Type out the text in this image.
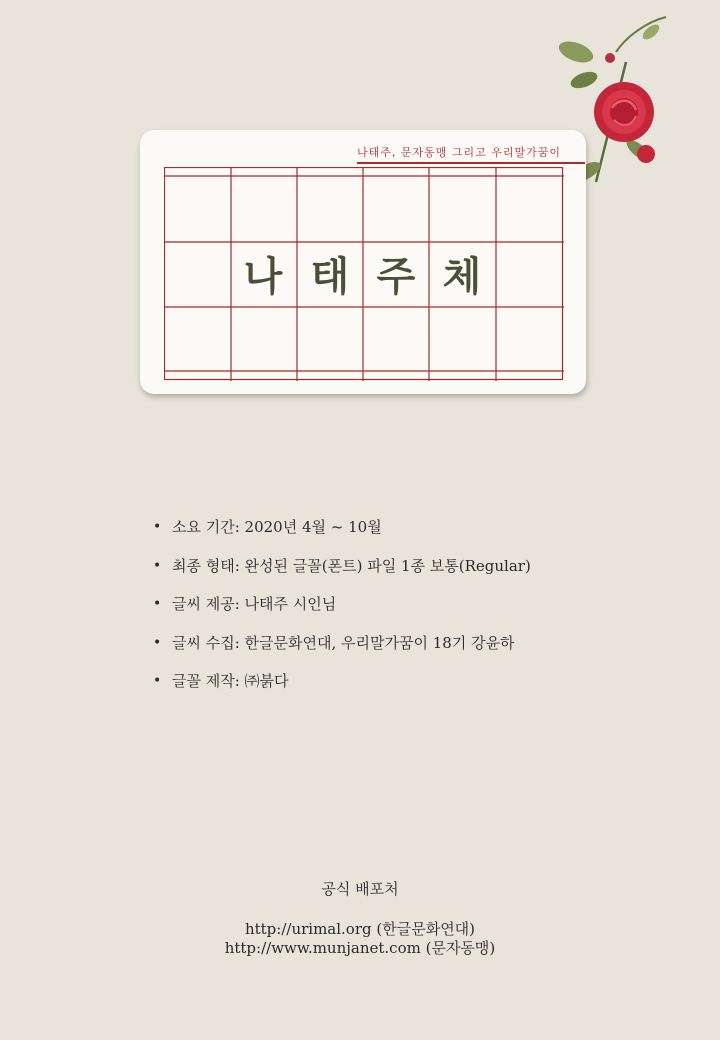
나태주, 문자동맹 그리고 우리말가꿈이
나 태 주 체
• 소요 기간: 2020년 4월 ~ 10월
• 최종 형태: 완성된 글꼴(폰트) 파일 1종 보통(Regular)
• 글씨 제공: 나태주 시인님
• 글씨 수집: 한글문화연대, 우리말가꿈이 18기 강윤하
• 글꼴 제작: ㈜붉다
공식 배포처
http://urimal.org (한글문화연대)
http://www.munjanet.com (문자동맹)
